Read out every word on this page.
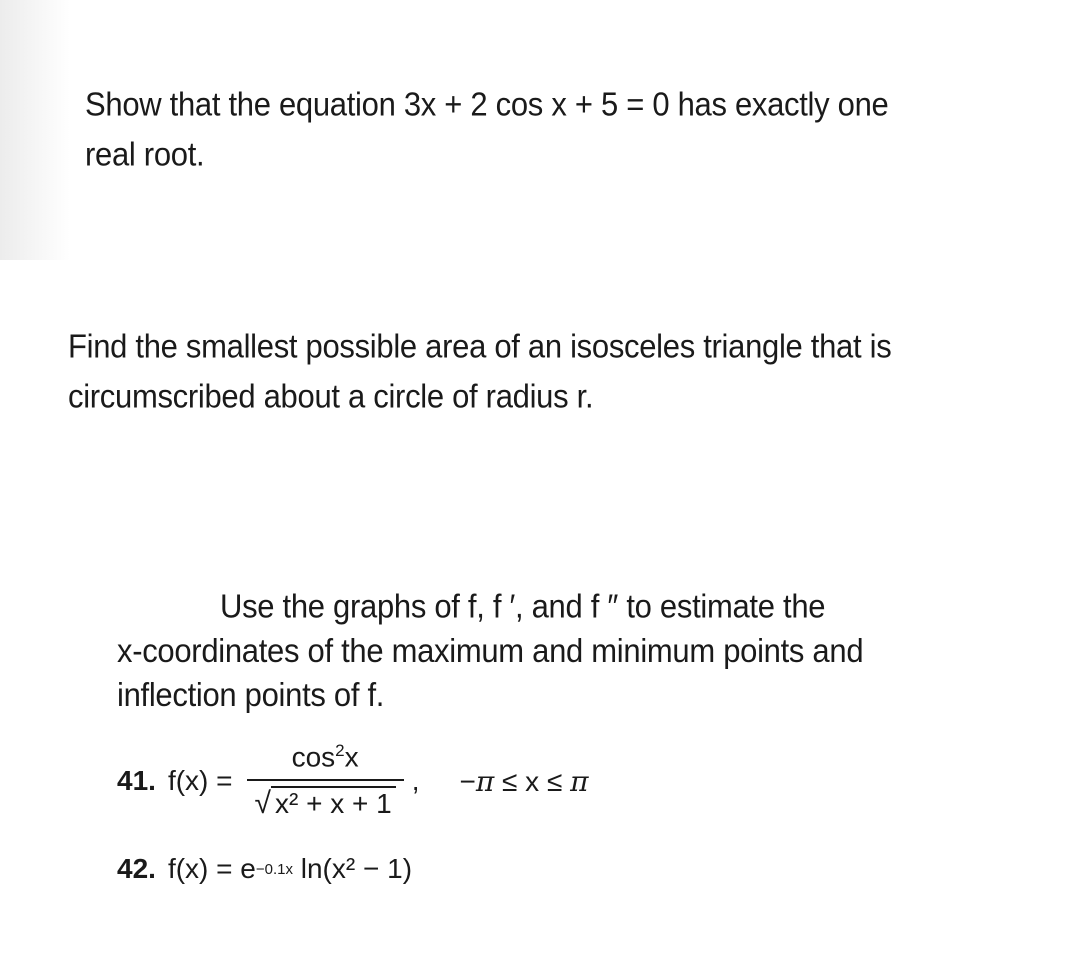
Show that the equation 3x + 2 cos x + 5 = 0 has exactly one
real root.
Find the smallest possible area of an isosceles triangle that is
circumscribed about a circle of radius r.
Use the graphs of f, f ′, and f ″ to estimate the
x-coordinates of the maximum and minimum points and
inflection points of f.
41. $f(x) = \frac{\cos^2x}{\text{√ x² + x + 1}}$ , −π ≤ x ≤ π
42. f(x) = e −0.1x ln(x² − 1)
